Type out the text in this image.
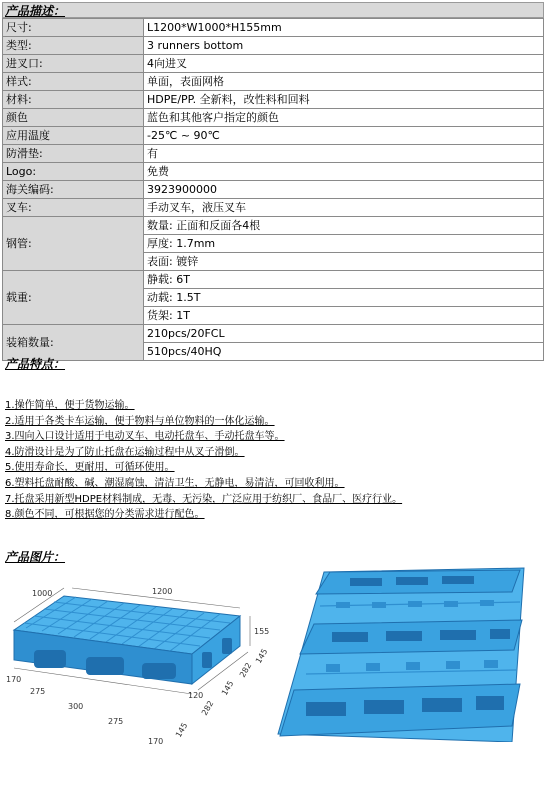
产品描述：
尺寸:	L1200*W1000*H155mm
类型:	3 runners bottom
进叉口:	4向进叉
样式:	单面，表面网格
材料:	HDPE/PP. 全新料，改性料和回料
颜色	蓝色和其他客户指定的颜色
应用温度	-25℃ ~ 90℃
防滑垫:	有
Logo:	免费
海关编码:	3923900000
叉车:	手动叉车，液压叉车
钢管:	数量: 正面和反面各4根
	厚度: 1.7mm
	表面: 镀锌
载重:	静载: 6T
	动载: 1.5T
	货架: 1T
装箱数量:	210pcs/20FCL
	510pcs/40HQ
产品特点：
1.操作简单，便于货物运输。
2.适用于各类卡车运输，便于物料与单位物料的一体化运输。
3.四向入口设计适用于电动叉车、电动托盘车、手动托盘车等。
4.防滑设计是为了防止托盘在运输过程中从叉子滑倒。
5.使用寿命长，更耐用，可循环使用。
6.塑料托盘耐酸、碱、潮湿腐蚀，清洁卫生，无静电，易清洁，可回收利用。
7.托盘采用新型HDPE材料制成，无毒、无污染，广泛应用于纺织厂、食品厂、医疗行业。
8.颜色不同，可根据您的分类需求进行配色。
产品图片：
1000	1200
155
170
275
300
275
170
145
282
145
282
145
120
